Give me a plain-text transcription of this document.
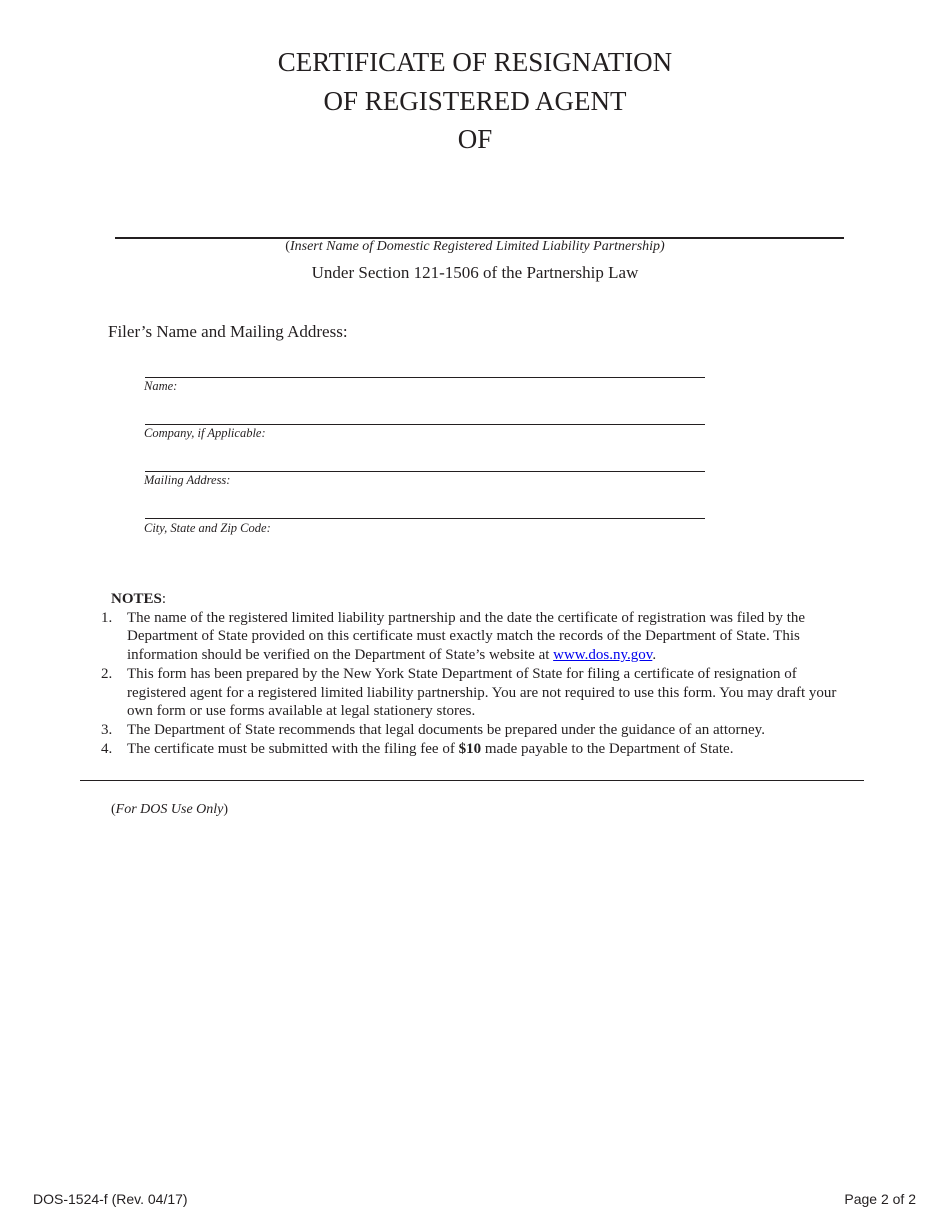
CERTIFICATE OF RESIGNATION
OF REGISTERED AGENT
OF
(Insert Name of Domestic Registered Limited Liability Partnership)
Under Section 121-1506 of the Partnership Law
Filer’s Name and Mailing Address:
Name:
Company, if Applicable:
Mailing Address:
City, State and Zip Code:
NOTES:
1. The name of the registered limited liability partnership and the date the certificate of registration was filed by the Department of State provided on this certificate must exactly match the records of the Department of State. This information should be verified on the Department of State’s website at www.dos.ny.gov.
2. This form has been prepared by the New York State Department of State for filing a certificate of resignation of registered agent for a registered limited liability partnership. You are not required to use this form. You may draft your own form or use forms available at legal stationery stores.
3. The Department of State recommends that legal documents be prepared under the guidance of an attorney.
4. The certificate must be submitted with the filing fee of $10 made payable to the Department of State.
(For DOS Use Only)
DOS-1524-f (Rev. 04/17)	Page 2 of 2
